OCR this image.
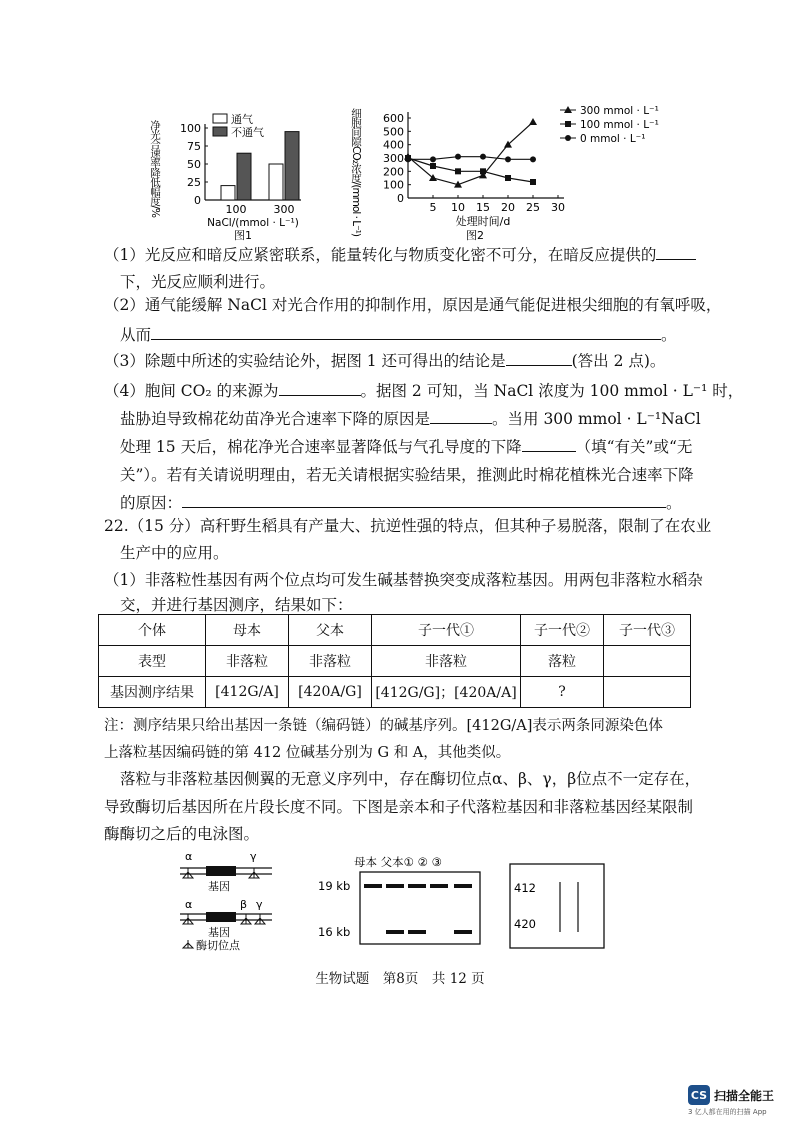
净光合速率降低幅度/%	0
25
50
75
100
100 300
NaCl/(mmol · L⁻¹)
图1
通气
不通气	细胞间隙CO₂浓度/(mmol · L⁻¹)	0
100
200
300
400
500
600
5 10 15 20 25 30
处理时间/d
图2
300 mmol · L⁻¹
100 mmol · L⁻¹
0 mmol · L⁻¹
（1）光反应和暗反应紧密联系，能量转化与物质变化密不可分，在暗反应提供的
下，光反应顺利进行。
（2）通气能缓解 NaCl 对光合作用的抑制作用，原因是通气能促进根尖细胞的有氧呼吸，
从而	。
（3）除题中所述的实验结论外，据图 1 还可得出的结论是	(答出 2 点)。
（4）胞间 CO₂ 的来源为	。据图 2 可知，当 NaCl 浓度为 100 mmol · L⁻¹ 时，
盐胁迫导致棉花幼苗净光合速率下降的原因是	。当用 300 mmol · L⁻¹NaCl
处理 15 天后，棉花净光合速率显著降低与气孔导度的下降	（填“有关”或“无
关”）。若有关请说明理由，若无关请根据实验结果，推测此时棉花植株光合速率下降
的原因：	。
22.（15 分）高秆野生稻具有产量大、抗逆性强的特点，但其种子易脱落，限制了在农业
生产中的应用。
（1）非落粒性基因有两个位点均可发生碱基替换突变成落粒基因。用两包非落粒水稻杂
交，并进行基因测序，结果如下：
个体	母本	父本	子一代①	子一代②	子一代③
表型	非落粒	非落粒	非落粒	落粒	
基因测序结果	[412G/A]	[420A/G]	[412G/G]；[420A/A]	?	
注：测序结果只给出基因一条链（编码链）的碱基序列。[412G/A]表示两条同源染色体
上落粒基因编码链的第 412 位碱基分别为 G 和 A，其他类似。
落粒与非落粒基因侧翼的无意义序列中，存在酶切位点α、β、γ，β位点不一定存在，
导致酶切后基因所在片段长度不同。下图是亲本和子代落粒基因和非落粒基因经某限制
酶酶切之后的电泳图。
α	γ
基因
α	β γ
基因
酶切位点
母本 父本① ② ③
19 kb
16 kb
412
420
生物试题　第8页　共 12 页
CS 扫描全能王
3 亿人都在用的扫描 App
